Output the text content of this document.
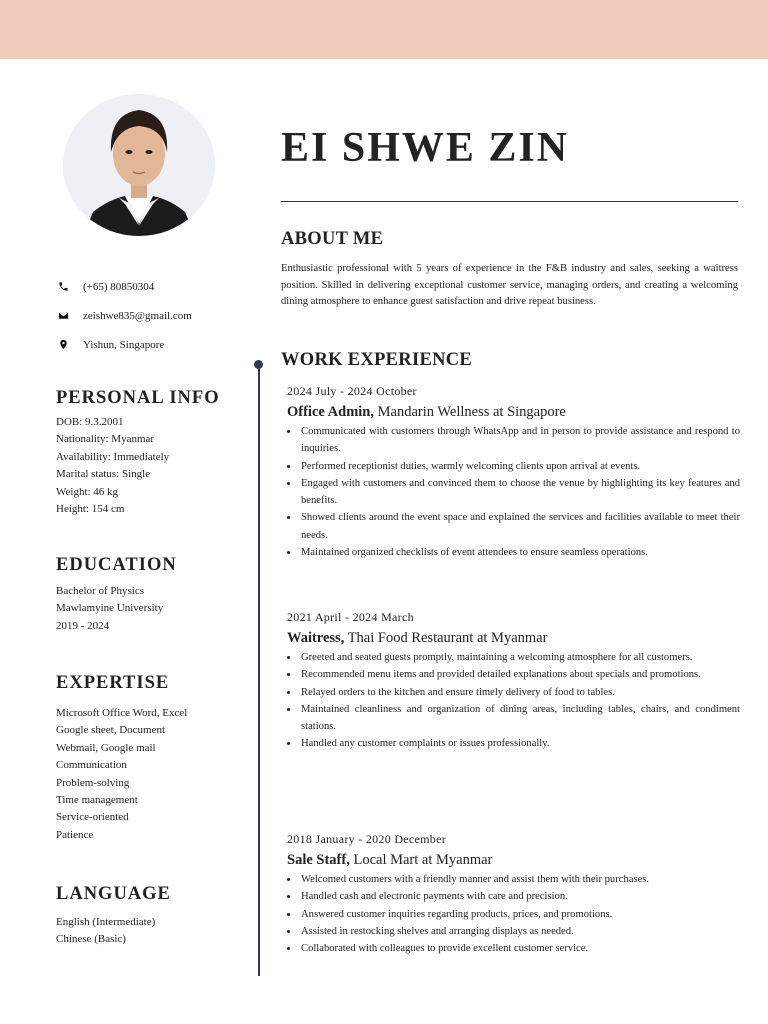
EI SHWE ZIN
(+65) 80850304
zeishwe835@gmail.com
Yishun, Singapore
PERSONAL INFO
DOB: 9.3.2001
Nationality: Myanmar
Availability: Immediately
Marital status: Single
Weight: 46 kg
Height: 154 cm
EDUCATION
Bachelor of Physics
Mawlamyine University
2019 - 2024
EXPERTISE
Microsoft Office Word, Excel
Google sheet, Document
Webmail, Google mail
Communication
Problem-solving
Time management
Service-oriented
Patience
LANGUAGE
English (Intermediate)
Chinese (Basic)
ABOUT ME

Enthusiastic professional with 5 years of experience in the F&B industry and sales, seeking a waitress position. Skilled in delivering exceptional customer service, managing orders, and creating a welcoming dining atmosphere to enhance guest satisfaction and drive repeat business.

WORK EXPERIENCE
2024 July - 2024 October
Office Admin, Mandarin Wellness at Singapore
• Communicated with customers through WhatsApp and in person to provide assistance and respond to inquiries.
• Performed receptionist duties, warmly welcoming clients upon arrival at events.
• Engaged with customers and convinced them to choose the venue by highlighting its key features and benefits.
• Showed clients around the event space and explained the services and facilities available to meet their needs.
• Maintained organized checklists of event attendees to ensure seamless operations.
2021 April - 2024 March
Waitress, Thai Food Restaurant at Myanmar
• Greeted and seated guests promptly, maintaining a welcoming atmosphere for all customers.
• Recommended menu items and provided detailed explanations about specials and promotions.
• Relayed orders to the kitchen and ensure timely delivery of food to tables.
• Maintained cleanliness and organization of dining areas, including tables, chairs, and condiment stations.
• Handled any customer complaints or issues professionally.
2018 January - 2020 December
Sale Staff, Local Mart at Myanmar
• Welcomed customers with a friendly manner and assist them with their purchases.
• Handled cash and electronic payments with care and precision.
• Answered customer inquiries regarding products, prices, and promotions.
• Assisted in restocking shelves and arranging displays as needed.
• Collaborated with colleagues to provide excellent customer service.
